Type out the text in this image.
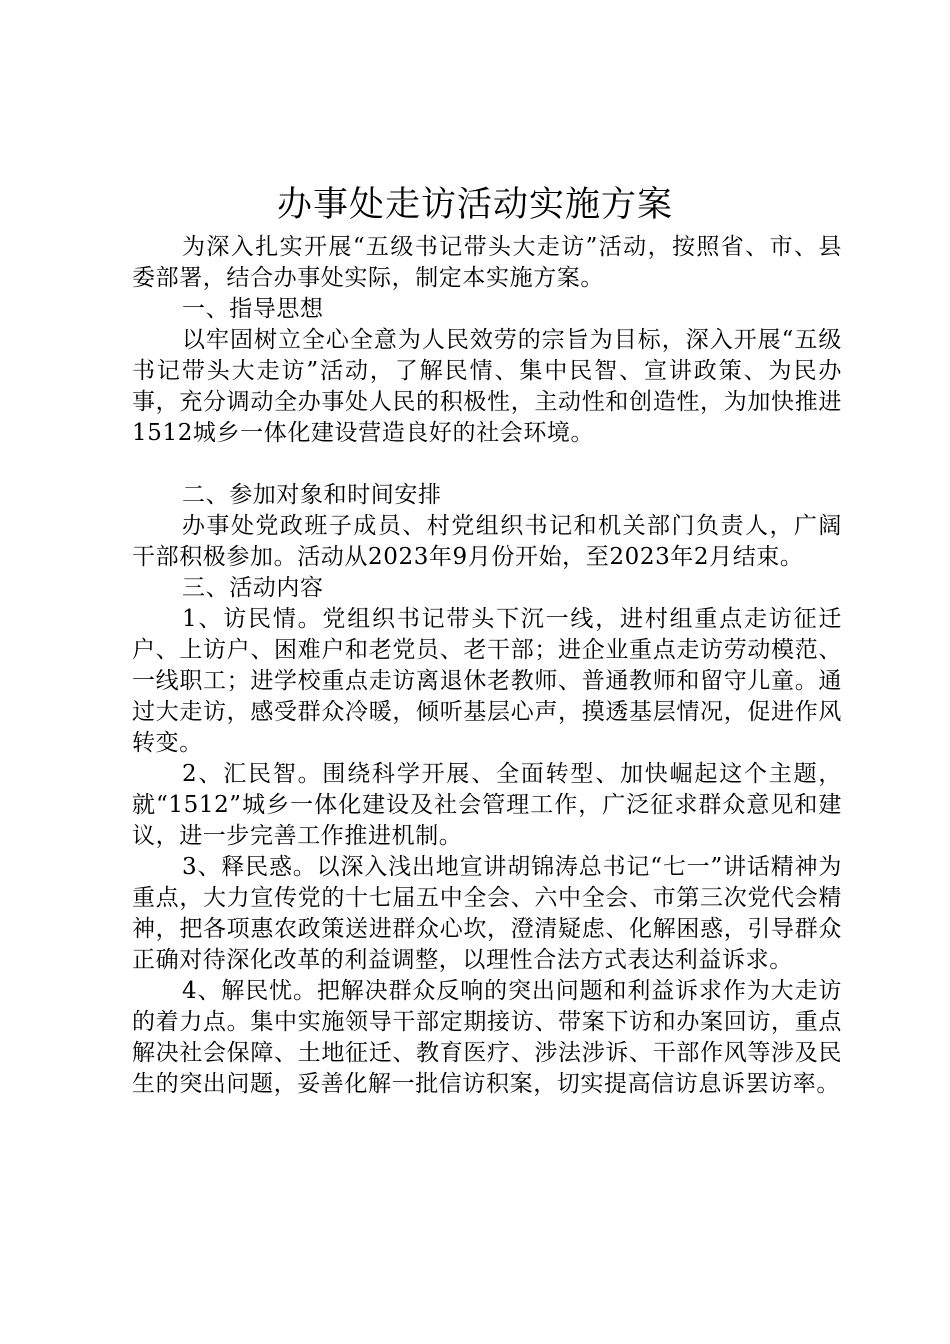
办事处走访活动实施方案

为深入扎实开展“五级书记带头大走访”活动，按照省、市、县委部署，结合办事处实际，制定本实施方案。

一、指导思想

以牢固树立全心全意为人民效劳的宗旨为目标，深入开展“五级书记带头大走访”活动，了解民情、集中民智、宣讲政策、为民办事，充分调动全办事处人民的积极性，主动性和创造性，为加快推进1512城乡一体化建设营造良好的社会环境。

二、参加对象和时间安排

办事处党政班子成员、村党组织书记和机关部门负责人，广阔干部积极参加。活动从2023年9月份开始，至2023年2月结束。

三、活动内容

1、访民情。党组织书记带头下沉一线，进村组重点走访征迁户、上访户、困难户和老党员、老干部；进企业重点走访劳动模范、一线职工；进学校重点走访离退休老教师、普通教师和留守儿童。通过大走访，感受群众冷暖，倾听基层心声，摸透基层情况，促进作风转变。

2、汇民智。围绕科学开展、全面转型、加快崛起这个主题，就“1512”城乡一体化建设及社会管理工作，广泛征求群众意见和建议，进一步完善工作推进机制。

3、释民惑。以深入浅出地宣讲胡锦涛总书记“七一”讲话精神为重点，大力宣传党的十七届五中全会、六中全会、市第三次党代会精神，把各项惠农政策送进群众心坎，澄清疑虑、化解困惑，引导群众正确对待深化改革的利益调整，以理性合法方式表达利益诉求。

4、解民忧。把解决群众反响的突出问题和利益诉求作为大走访的着力点。集中实施领导干部定期接访、带案下访和办案回访，重点解决社会保障、土地征迁、教育医疗、涉法涉诉、干部作风等涉及民生的突出问题，妥善化解一批信访积案，切实提高信访息诉罢访率。
